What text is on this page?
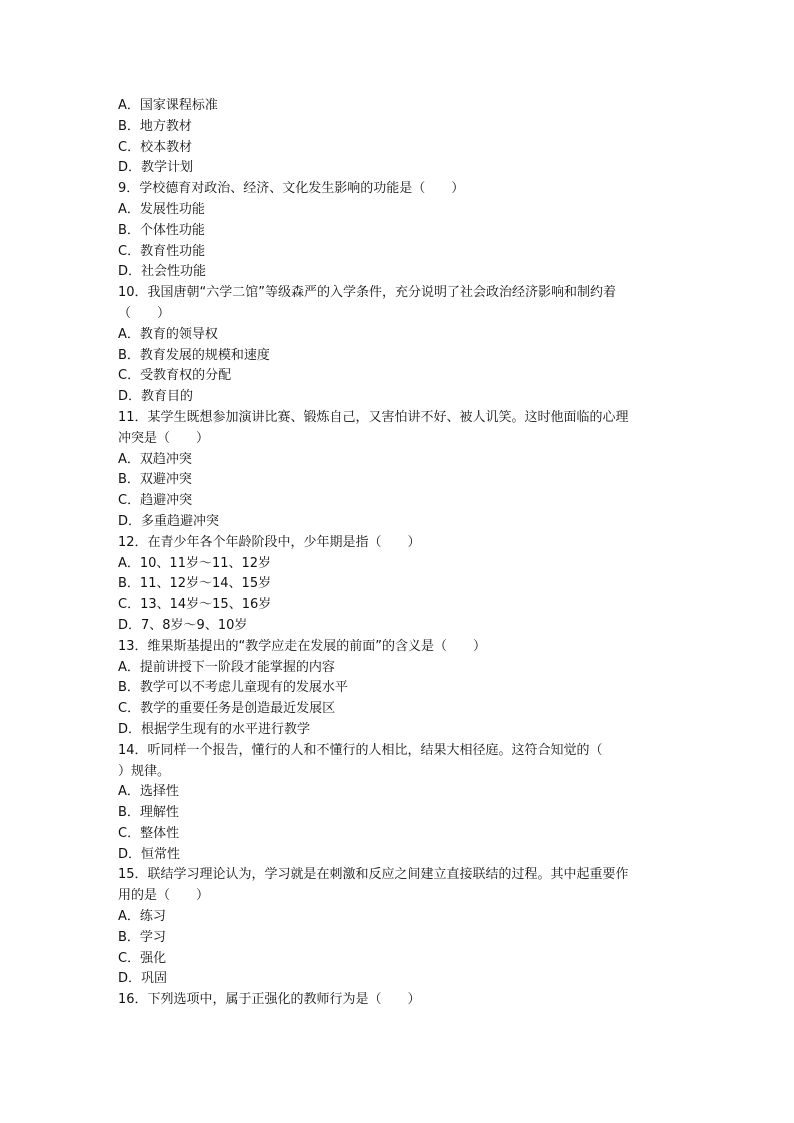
A．国家课程标准
B．地方教材
C．校本教材
D．教学计划
9．学校德育对政治、经济、文化发生影响的功能是（　　）
A．发展性功能
B．个体性功能
C．教育性功能
D．社会性功能
10．我国唐朝“六学二馆”等级森严的入学条件，充分说明了社会政治经济影响和制约着
（　　）
A．教育的领导权
B．教育发展的规模和速度
C．受教育权的分配
D．教育目的
11．某学生既想参加演讲比赛、锻炼自己，又害怕讲不好、被人讥笑。这时他面临的心理
冲突是（　　）
A．双趋冲突
B．双避冲突
C．趋避冲突
D．多重趋避冲突
12．在青少年各个年龄阶段中，少年期是指（　　）
A．10、11岁～11、12岁
B．11、12岁～14、15岁
C．13、14岁～15、16岁
D．7、8岁～9、10岁
13．维果斯基提出的“教学应走在发展的前面”的含义是（　　）
A．提前讲授下一阶段才能掌握的内容
B．教学可以不考虑儿童现有的发展水平
C．教学的重要任务是创造最近发展区
D．根据学生现有的水平进行教学
14．听同样一个报告，懂行的人和不懂行的人相比，结果大相径庭。这符合知觉的（
）规律。
A．选择性
B．理解性
C．整体性
D．恒常性
15．联结学习理论认为，学习就是在刺激和反应之间建立直接联结的过程。其中起重要作
用的是（　　）
A．练习
B．学习
C．强化
D．巩固
16．下列选项中，属于正强化的教师行为是（　　）
